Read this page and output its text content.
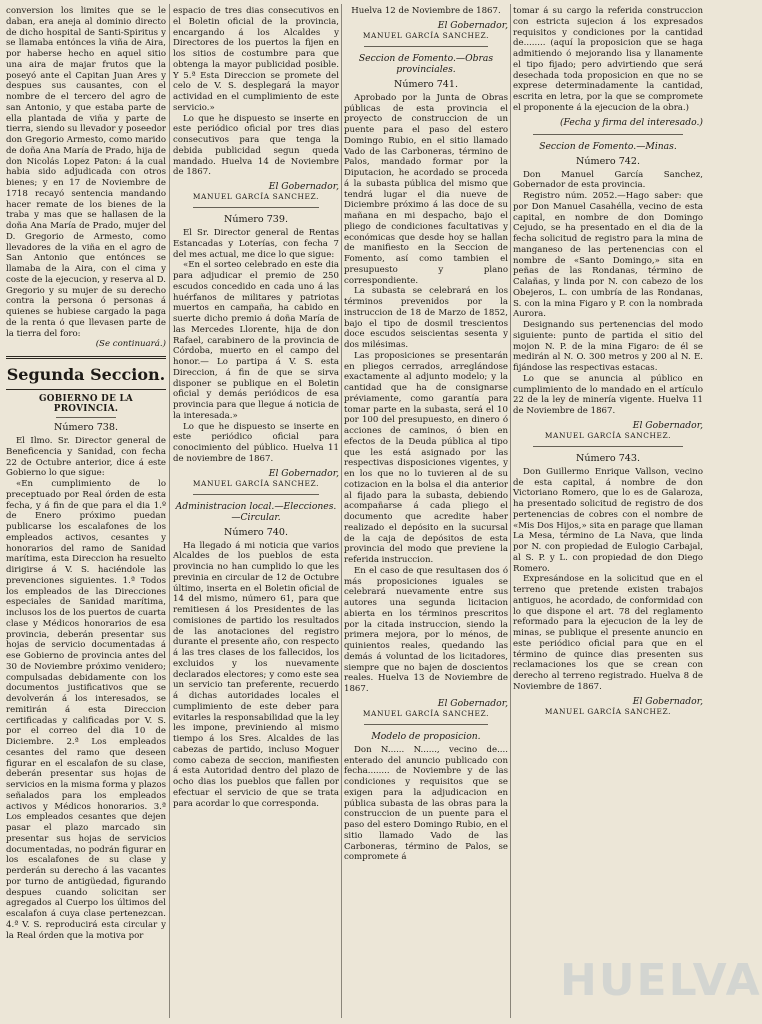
conversion los limites que se le daban, era aneja al dominio directo de dicho hospital de Santi-Spiritus y se llamaba entónces la viña de Aira, por haberse hecho en aquel sitio una aira de majar frutos que la poseyó ante el Capitan Juan Ares y despues sus causantes, con el nombre de el tercero del agro de san Antonio, y que estaba parte de ella plantada de viña y parte de tierra, siendo su llevador y poseedor don Gregorio Armesto, como marido de doña Ana María de Prado, hija de don Nicolás Lopez Paton: á la cual habia sido adjudicada con otros bienes; y en 17 de Noviembre de 1718 recayó sentencia mandando hacer remate de los bienes de la traba y mas que se hallasen de la doña Ana María de Prado, mujer del D. Gregorio de Armesto, como llevadores de la viña en el agro de San Antonio que entónces se llamaba de la Aira, con el cima y coste de la ejecucion, y reserva al D. Gregorio y su mujer de su derecho contra la persona ó personas á quienes se hubiese cargado la paga de la renta ó que llevasen parte de la tierra del foro:

(Se continuará.)

Segunda Seccion.
GOBIERNO DE LA PROVINCIA.
Número 738.

El Ilmo. Sr. Director general de Beneficencia y Sanidad, con fecha 22 de Octubre anterior, dice á este Gobierno lo que sigue:

«En cumplimiento de lo preceptuado por Real órden de esta fecha, y á fin de que para el dia 1.º de Enero próximo puedan publicarse los escalafones de los empleados activos, cesantes y honorarios del ramo de Sanidad marítima, esta Direccion ha resuelto dirigirse á V. S. haciéndole las prevenciones siguientes. 1.ª Todos los empleados de las Direcciones especiales de Sanidad marítima, inclusos los de los puertos de cuarta clase y Médicos honorarios de esa provincia, deberán presentar sus hojas de servicio documentadas á ese Gobierno de provincia antes del 30 de Noviembre próximo venidero; compulsadas debidamente con los documentos justificativos que se devolverán á los interesados, se remitirán á esta Direccion certificadas y calificadas por V. S. por el correo del dia 10 de Diciembre. 2.ª Los empleados cesantes del ramo que deseen figurar en el escalafon de su clase, deberán presentar sus hojas de servicios en la misma forma y plazos señalados para los empleados activos y Médicos honorarios. 3.ª Los empleados cesantes que dejen pasar el plazo marcado sin presentar sus hojas de servicios documentadas, no podrán figurar en los escalafones de su clase y perderán su derecho á las vacantes por turno de antigüedad, figurando despues cuando solicitan ser agregados al Cuerpo los últimos del escalafon á cuya clase pertenezcan. 4.ª V. S. reproducirá esta circular y la Real órden que la motiva por

espacio de tres dias consecutivos en el Boletin oficial de la provincia, encargando á los Alcaldes y Directores de los puertos la fijen en los sitios de costumbre para que obtenga la mayor publicidad posible. Y 5.ª Esta Direccion se promete del celo de V. S. desplegará la mayor actividad en el cumplimiento de este servicio.»

Lo que he dispuesto se inserte en este periódico oficial por tres dias consecutivos para que tenga la debida publicidad segun queda mandado. Huelva 14 de Noviembre de 1867.

El Gobernador,
MANUEL GARCÍA SANCHEZ.
Número 739.

El Sr. Director general de Rentas Estancadas y Loterías, con fecha 7 del mes actual, me dice lo que sigue:

«En el sorteo celebrado en este dia para adjudicar el premio de 250 escudos concedido en cada uno á las huérfanos de militares y patriotas muertos en campaña, ha cabido en suerte dicho premio á doña María de las Mercedes Llorente, hija de don Rafael, carabinero de la provincia de Córdoba, muerto en el campo del honor.— Lo partipa á V. S. esta Direccion, á fin de que se sirva disponer se publique en el Boletin oficial y demás periódicos de esa provincia para que llegue á noticia de la interesada.»

Lo que he dispuesto se inserte en este periódico oficial para conocimiento del público. Huelva 11 de noviembre de 1867.

El Gobernador,
MANUEL GARCÍA SANCHEZ.
Administracion local.—Elecciones.—Circular.
Número 740.

Ha llegado á mi noticia que varios Alcaldes de los pueblos de esta provincia no han cumplido lo que les previnia en circular de 12 de Octubre último, inserta en el Boletin oficial de 14 del mismo, número 61, para que remitiesen á los Presidentes de las comisiones de partido los resultados de las anotaciones del registro durante el presente año, con respecto á las tres clases de los fallecidos, los excluidos y los nuevamente declarados electores; y como este sea un servicio tan preferente, recuerdo á dichas autoridades locales el cumplimiento de este deber para evitarles la responsabilidad que la ley les impone, previniendo al mismo tiempo á los Sres. Alcaldes de las cabezas de partido, incluso Moguer como cabeza de seccion, manifiesten á esta Autoridad dentro del plazo de ocho dias los pueblos que fallen por efectuar el servicio de que se trata para acordar lo que corresponda.

Huelva 12 de Noviembre de 1867.

El Gobernador,
MANUEL GARCÍA SANCHEZ.
Seccion de Fomento.—Obras provinciales.
Número 741.

Aprobado por la Junta de Obras públicas de esta provincia el proyecto de construccion de un puente para el paso del estero Domingo Rubio, en el sitio llamado Vado de las Carboneras, término de Palos, mandado formar por la Diputacion, he acordado se proceda á la subasta pública del mismo que tendrá lugar el dia nueve de Diciembre próximo á las doce de su mañana en mi despacho, bajo el pliego de condiciones facultativas y económicas que desde hoy se hallan de manifiesto en la Seccion de Fomento, así como tambien el presupuesto y plano correspondiente.

La subasta se celebrará en los términos prevenidos por la instruccion de 18 de Marzo de 1852, bajo el tipo de dosmil trescientos doce escudos seiscientas sesenta y dos milésimas.

Las proposiciones se presentarán en pliegos cerrados, arreglándose exactamente al adjunto modelo; y la cantidad que ha de consignarse préviamente, como garantía para tomar parte en la subasta, será el 10 por 100 del presupuesto, en dinero ó acciones de caminos, ó bien en efectos de la Deuda pública al tipo que les está asignado por las respectivas disposiciones vigentes, y en los que no lo tuvieren al de su cotizacion en la bolsa el dia anterior al fijado para la subasta, debiendo acompañarse á cada pliego el documento que acredite haber realizado el depósito en la sucursal de la caja de depósitos de esta provincia del modo que previene la referida instruccion.

En el caso de que resultasen dos ó más proposiciones iguales se celebrará nuevamente entre sus autores una segunda licitacion abierta en los términos prescritos por la citada instruccion, siendo la primera mejora, por lo ménos, de quinientos reales, quedando las demás á voluntad de los licitadores, siempre que no bajen de doscientos reales. Huelva 13 de Noviembre de 1867.

El Gobernador,
MANUEL GARCÍA SANCHEZ.
Modelo de proposicion.

Don N...... N......, vecino de.... enterado del anuncio publicado con fecha........ de Noviembre y de las condiciones y requisitos que se exigen para la adjudicacion en pública subasta de las obras para la construccion de un puente para el paso del estero Domingo Rubio, en el sitio llamado Vado de las Carboneras, término de Palos, se compromete á

tomar á su cargo la referida construccion con estricta sujecion á los expresados requisitos y condiciones por la cantidad de........ (aquí la proposicion que se haga admitiendo ó mejorando lisa y llanamente el tipo fijado; pero advirtiendo que será desechada toda proposicion en que no se exprese determinadamente la cantidad, escrita en letra, por la que se compromete el proponente á la ejecucion de la obra.)

(Fecha y firma del interesado.)
Seccion de Fomento.—Minas.
Número 742.

Don Manuel García Sanchez, Gobernador de esta provincia.

Registro núm. 2052.—Hago saber: que por Don Manuel Casahélla, vecino de esta capital, en nombre de don Domingo Cejudo, se ha presentado en el dia de la fecha solicitud de registro para la mina de manganeso de las pertenencias con el nombre de «Santo Domingo,» sita en peñas de las Rondanas, término de Calañas, y linda por N. con cabezo de los Obejeros, L. con umbría de las Rondanas, S. con la mina Figaro y P. con la nombrada Aurora.

Designando sus pertenencias del modo siguiente: punto de partida el sitio del mojon N. P. de la mina Figaro: de él se medirán al N. O. 300 metros y 200 al N. E. fijándose las respectivas estacas.

Lo que se anuncia al público en cumplimiento de lo mandado en el artículo 22 de la ley de minería vigente. Huelva 11 de Noviembre de 1867.

El Gobernador,
MANUEL GARCÍA SANCHEZ.
Número 743.

Don Guillermo Enrique Vallson, vecino de esta capital, á nombre de don Victoriano Romero, que lo es de Galaroza, ha presentado solicitud de registro de dos pertenencias de cobres con el nombre de «Mis Dos Hijos,» sita en parage que llaman La Mesa, término de La Nava, que linda por N. con propiedad de Eulogio Carbajal, al S. P. y L. con propiedad de don Diego Romero.

Expresándose en la solicitud que en el terreno que pretende existen trabajos antiguos, he acordado, de conformidad con lo que dispone el art. 78 del reglamento reformado para la ejecucion de la ley de minas, se publique el presente anuncio en este periódico oficial para que en el término de quince dias presenten sus reclamaciones los que se crean con derecho al terreno registrado. Huelva 8 de Noviembre de 1867.

El Gobernador,
MANUEL GARCÍA SANCHEZ.
HUELVA
